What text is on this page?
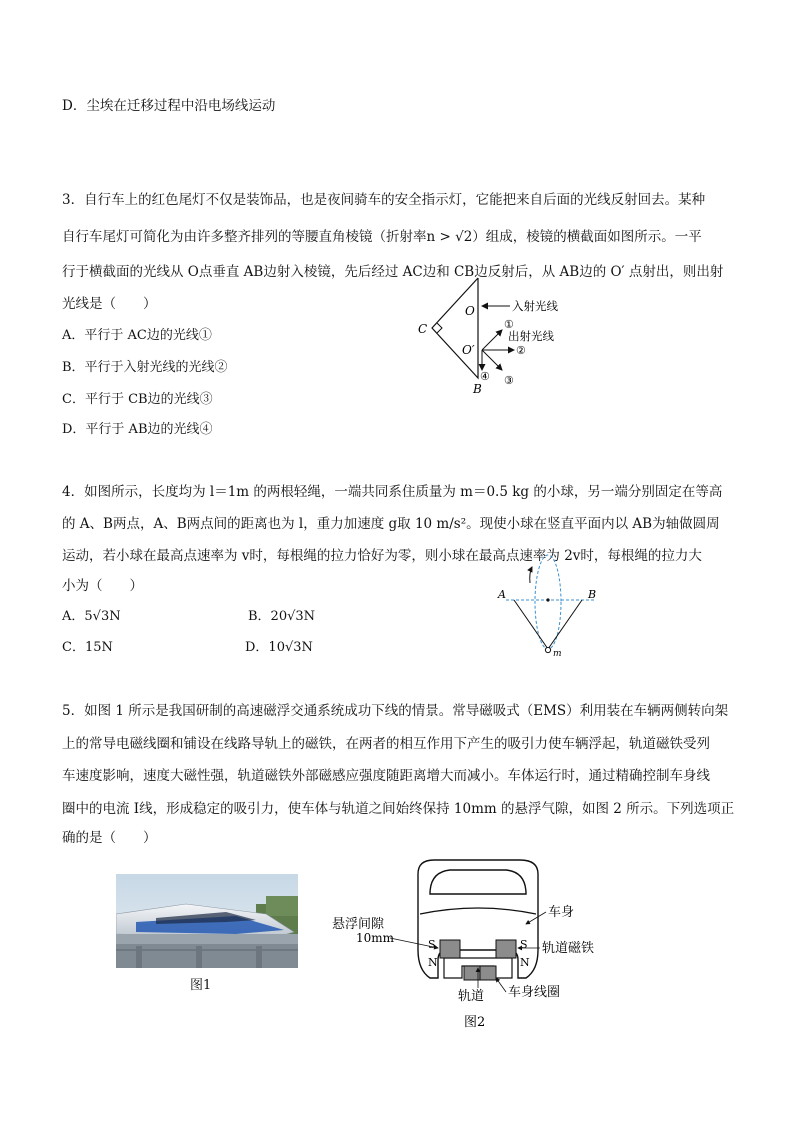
D．尘埃在迁移过程中沿电场线运动
3．自行车上的红色尾灯不仅是装饰品，也是夜间骑车的安全指示灯，它能把来自后面的光线反射回去。某种
自行车尾灯可简化为由许多整齐排列的等腰直角棱镜（折射率n > √2）组成，棱镜的横截面如图所示。一平
行于横截面的光线从 O点垂直 AB边射入棱镜，先后经过 AC边和 CB边反射后，从 AB边的 O′ 点射出，则出射
光线是（　　）
A．平行于 AC边的光线①
B．平行于入射光线的光线②
C．平行于 CB边的光线③
D．平行于 AB边的光线④
C
O
O′
B
入射光线
出射光线
①
②
③
④
4．如图所示，长度均为 l＝1m 的两根轻绳，一端共同系住质量为 m＝0.5 kg 的小球，另一端分别固定在等高
的 A、B两点，A、B两点间的距离也为 l，重力加速度 g取 10 m/s²。现使小球在竖直平面内以 AB为轴做圆周
运动，若小球在最高点速率为 v时，每根绳的拉力恰好为零，则小球在最高点速率为 2v时，每根绳的拉力大
小为（　　）
A．5√3N	B．20√3N
C．15N	D．10√3N
A	B
m
5．如图 1 所示是我国研制的高速磁浮交通系统成功下线的情景。常导磁吸式（EMS）利用装在车辆两侧转向架
上的常导电磁线圈和铺设在线路导轨上的磁铁，在两者的相互作用下产生的吸引力使车辆浮起，轨道磁铁受列
车速度影响，速度大磁性强，轨道磁铁外部磁感应强度随距离增大而减小。车体运行时，通过精确控制车身线
圈中的电流 I线，形成稳定的吸引力，使车体与轨道之间始终保持 10mm 的悬浮气隙，如图 2 所示。下列选项正
确的是（　　）
图1
S
N
S
N
悬浮间隙
10mm
车身
轨道磁铁
轨道 车身线圈
图2
